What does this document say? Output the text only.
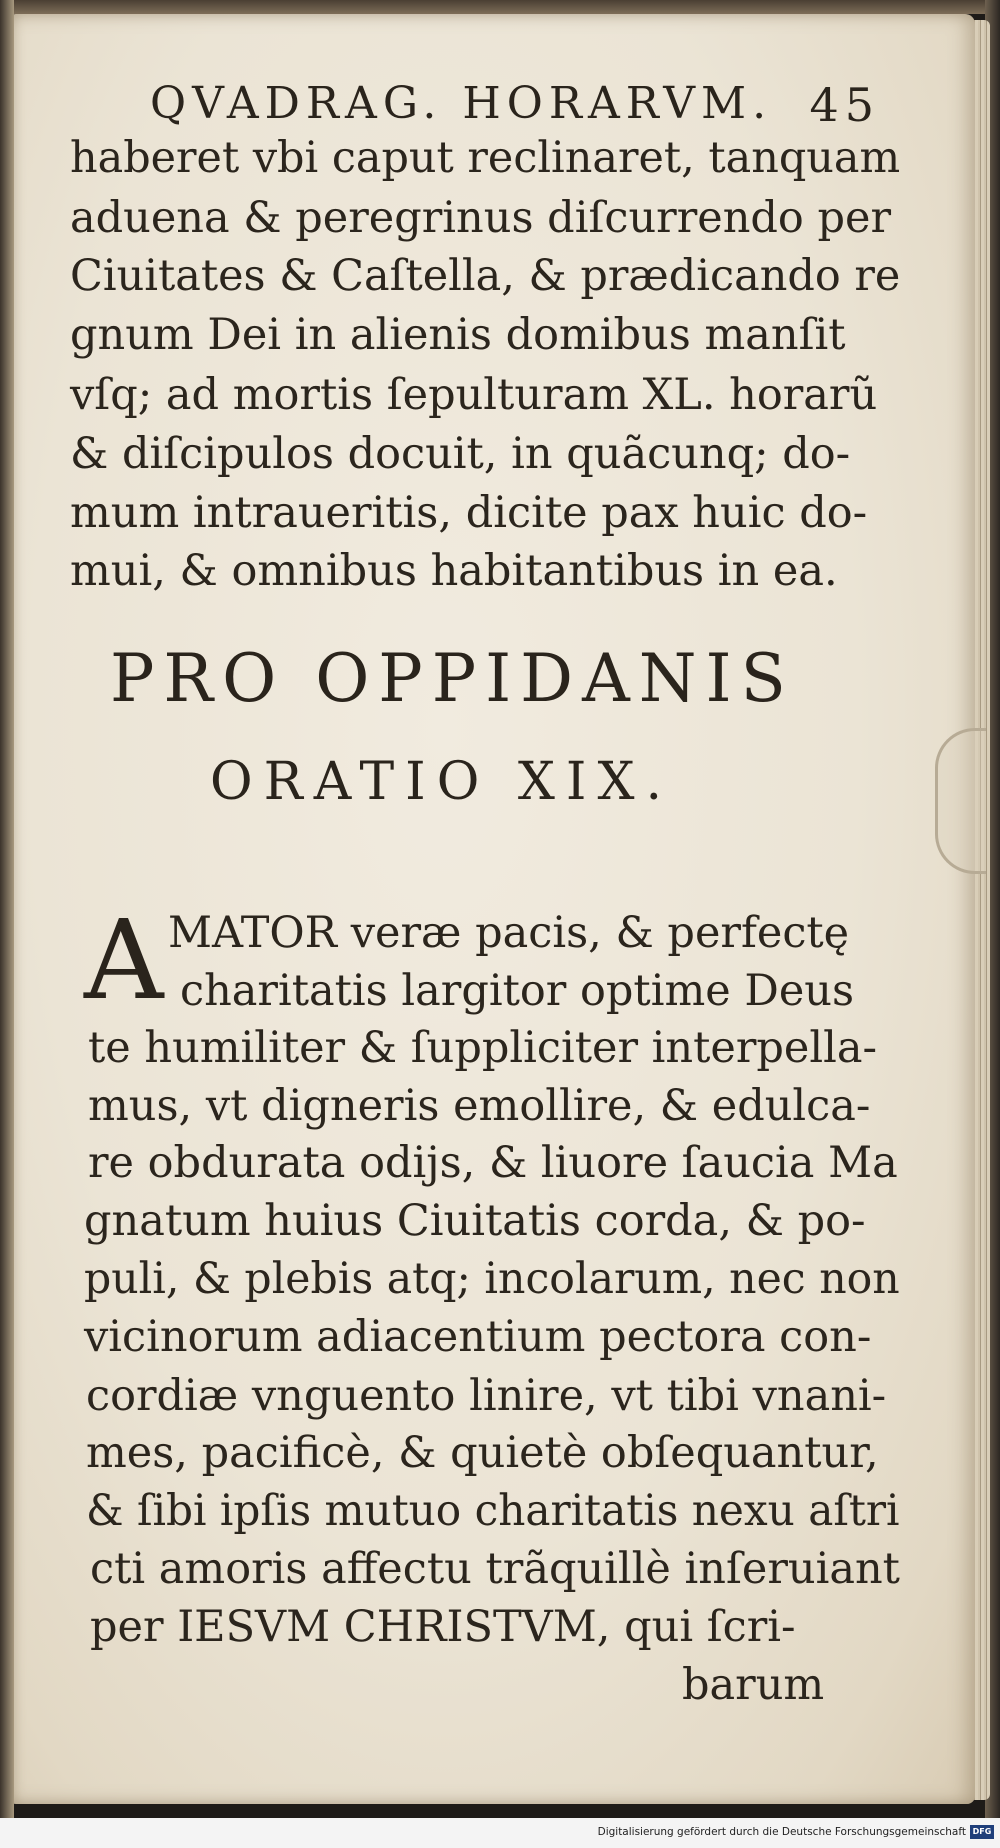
QVADRAG. HORARVM. 45
haberet vbi caput reclinaret, tanquam
aduena & peregrinus diſcurrendo per
Ciuitates & Caſtella, & prædicando re
gnum Dei in alienis domibus manſit
vſq; ad mortis ſepulturam XL. horarũ
& diſcipulos docuit, in quãcunq; do-
mum intraueritis, dicite pax huic do-
mui, & omnibus habitantibus in ea.
PRO OPPIDANIS
ORATIO XIX.
A MATOR veræ pacis, & perfectę
charitatis largitor optime Deus
te humiliter & ſuppliciter interpella-
mus, vt digneris emollire, & edulca-
re obdurata odijs, & liuore ſaucia Ma
gnatum huius Ciuitatis corda, & po-
puli, & plebis atq; incolarum, nec non
vicinorum adiacentium pectora con-
cordiæ vnguento linire, vt tibi vnani-
mes, pacificè, & quietè obſequantur,
& ſibi ipſis mutuo charitatis nexu aſtri
cti amoris affectu trãquillè inſeruiant
per IESVM CHRISTVM, qui ſcri-
barum
Digitalisierung gefördert durch die Deutsche Forschungsgemeinschaft DFG
